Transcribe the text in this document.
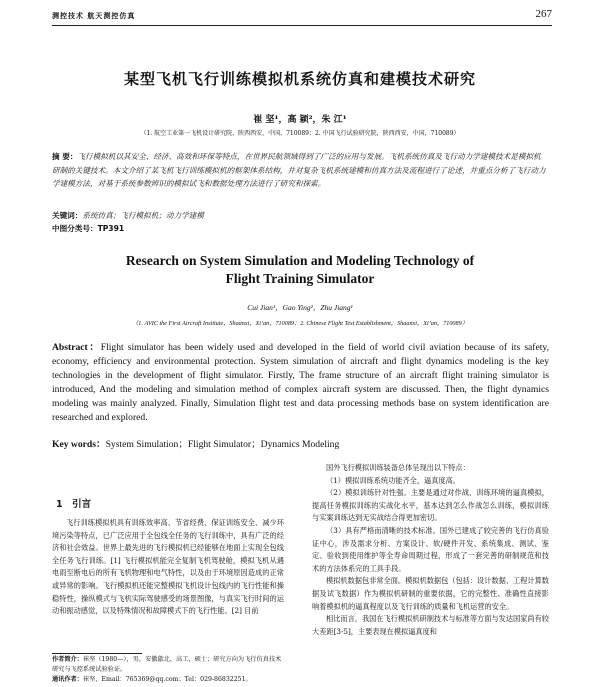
测控技术 航天测控仿真	267
某型飞机飞行训练模拟机系统仿真和建模技术研究
崔 坚¹，高 颖²，朱 江¹
（1. 航空工业第一飞机设计研究院，陕西西安，中国，710089；2. 中国飞行试验研究院，陕西西安，中国，710089）
摘 要：飞行模拟机以其安全、经济、高效和环保等特点，在世界民航领域得到了广泛的应用与发展。飞机系统仿真及飞行动力学建模技术是模拟机研制的关键技术。本文介绍了某飞机飞行训练模拟机的框架体系结构，并对复杂飞机系统建模和仿真方法及流程进行了论述，并重点分析了飞行动力学建模方法，对基于系统参数辨识的模拟试飞和数据处理方法进行了研究和探索。
关键词：系统仿真；飞行模拟机；动力学建模
中图分类号：TP391
Research on System Simulation and Modeling Technology of
Flight Training Simulator
Cui Jian¹，Gao Ying²，Zhu Jiang¹
（1. AVIC the First Aircraft Institute，Shaanxi，Xi’an，710089；2. Chinese Flight Test Establishment，Shaanxi，Xi’an，710089）
Abstract：Flight simulator has been widely used and developed in the field of world civil aviation because of its safety, economy, efficiency and environmental protection. System simulation of aircraft and flight dynamics modeling is the key technologies in the development of flight simulator. Firstly, The frame structure of an aircraft flight training simulator is introduced, And the modeling and simulation method of complex aircraft system are discussed. Then, the flight dynamics modeling was mainly analyzed. Finally, Simulation flight test and data processing methods base on system identification are researched and explored.
Key words：System Simulation；Flight Simulator；Dynamics Modeling
1　引言

飞行训练模拟机具有训练效率高、节省经费、保证训练安全、减少环境污染等特点，已广泛应用于全包线全任务的飞行训练中，具有广泛的经济和社会效益。世界上最先进的飞行模拟机已经能够在地面上实现全包线全任务飞行训练。[1] 飞行模拟机能完全复制飞机驾驶舱，模拟飞机从遇电雨至断电后的所有飞机物理和电气特性，以及由于环境原因造成的正常或异常的影响。飞行模拟机还能完整模拟飞机设计包线内的飞行性能和操稳特性，操纵模式与飞机实际驾驶感受的场景图像，与真实飞行时间的运动和振动感觉，以及特殊情况和故障模式下的飞行性能。[2] 目前

国外飞行模拟训练装备总体呈现出以下特点：

（1）模拟训练系统功能齐全，逼真度高。

（2）模拟训练针对性强。主要是通过对作战、训练环境的逼真模拟，提高任务模拟训练的实战化水平，基本达到怎么作战怎么训练，模拟训练与实案训练达到无实战结合得更加密切。

（3）具有严格而清晰的技术标准。国外已建成了较完善的飞行仿真验证中心，涉及需求分析、方案设计、软/硬件开发、系统集成、测试、鉴定、验收到使用维护等全寿命周期过程，形成了一套完善的研制规范和技术的方法体系完的工具手段。

模拟机数据包非常全面。模拟机数据包（包括：设计数据、工程计算数据及试飞数据）作为模拟机研制的重要依据，它的完整性、准确性直接影响着模拟机的逼真程度以及飞行训练的质量和飞机运营的安全。

相比而言，我国在飞行模拟机研制技术与标准等方面与发达国家尚有较大差距[3-5]，主要表现在模拟逼真度和

作者简介：崔坚（1980—），男，安徽歙北，高工，硕士；研究方向为飞行仿真技术研究与飞控系统试验验证。
通讯作者：崔坚，Email：765369@qq.com；Tel：029-86832251。
